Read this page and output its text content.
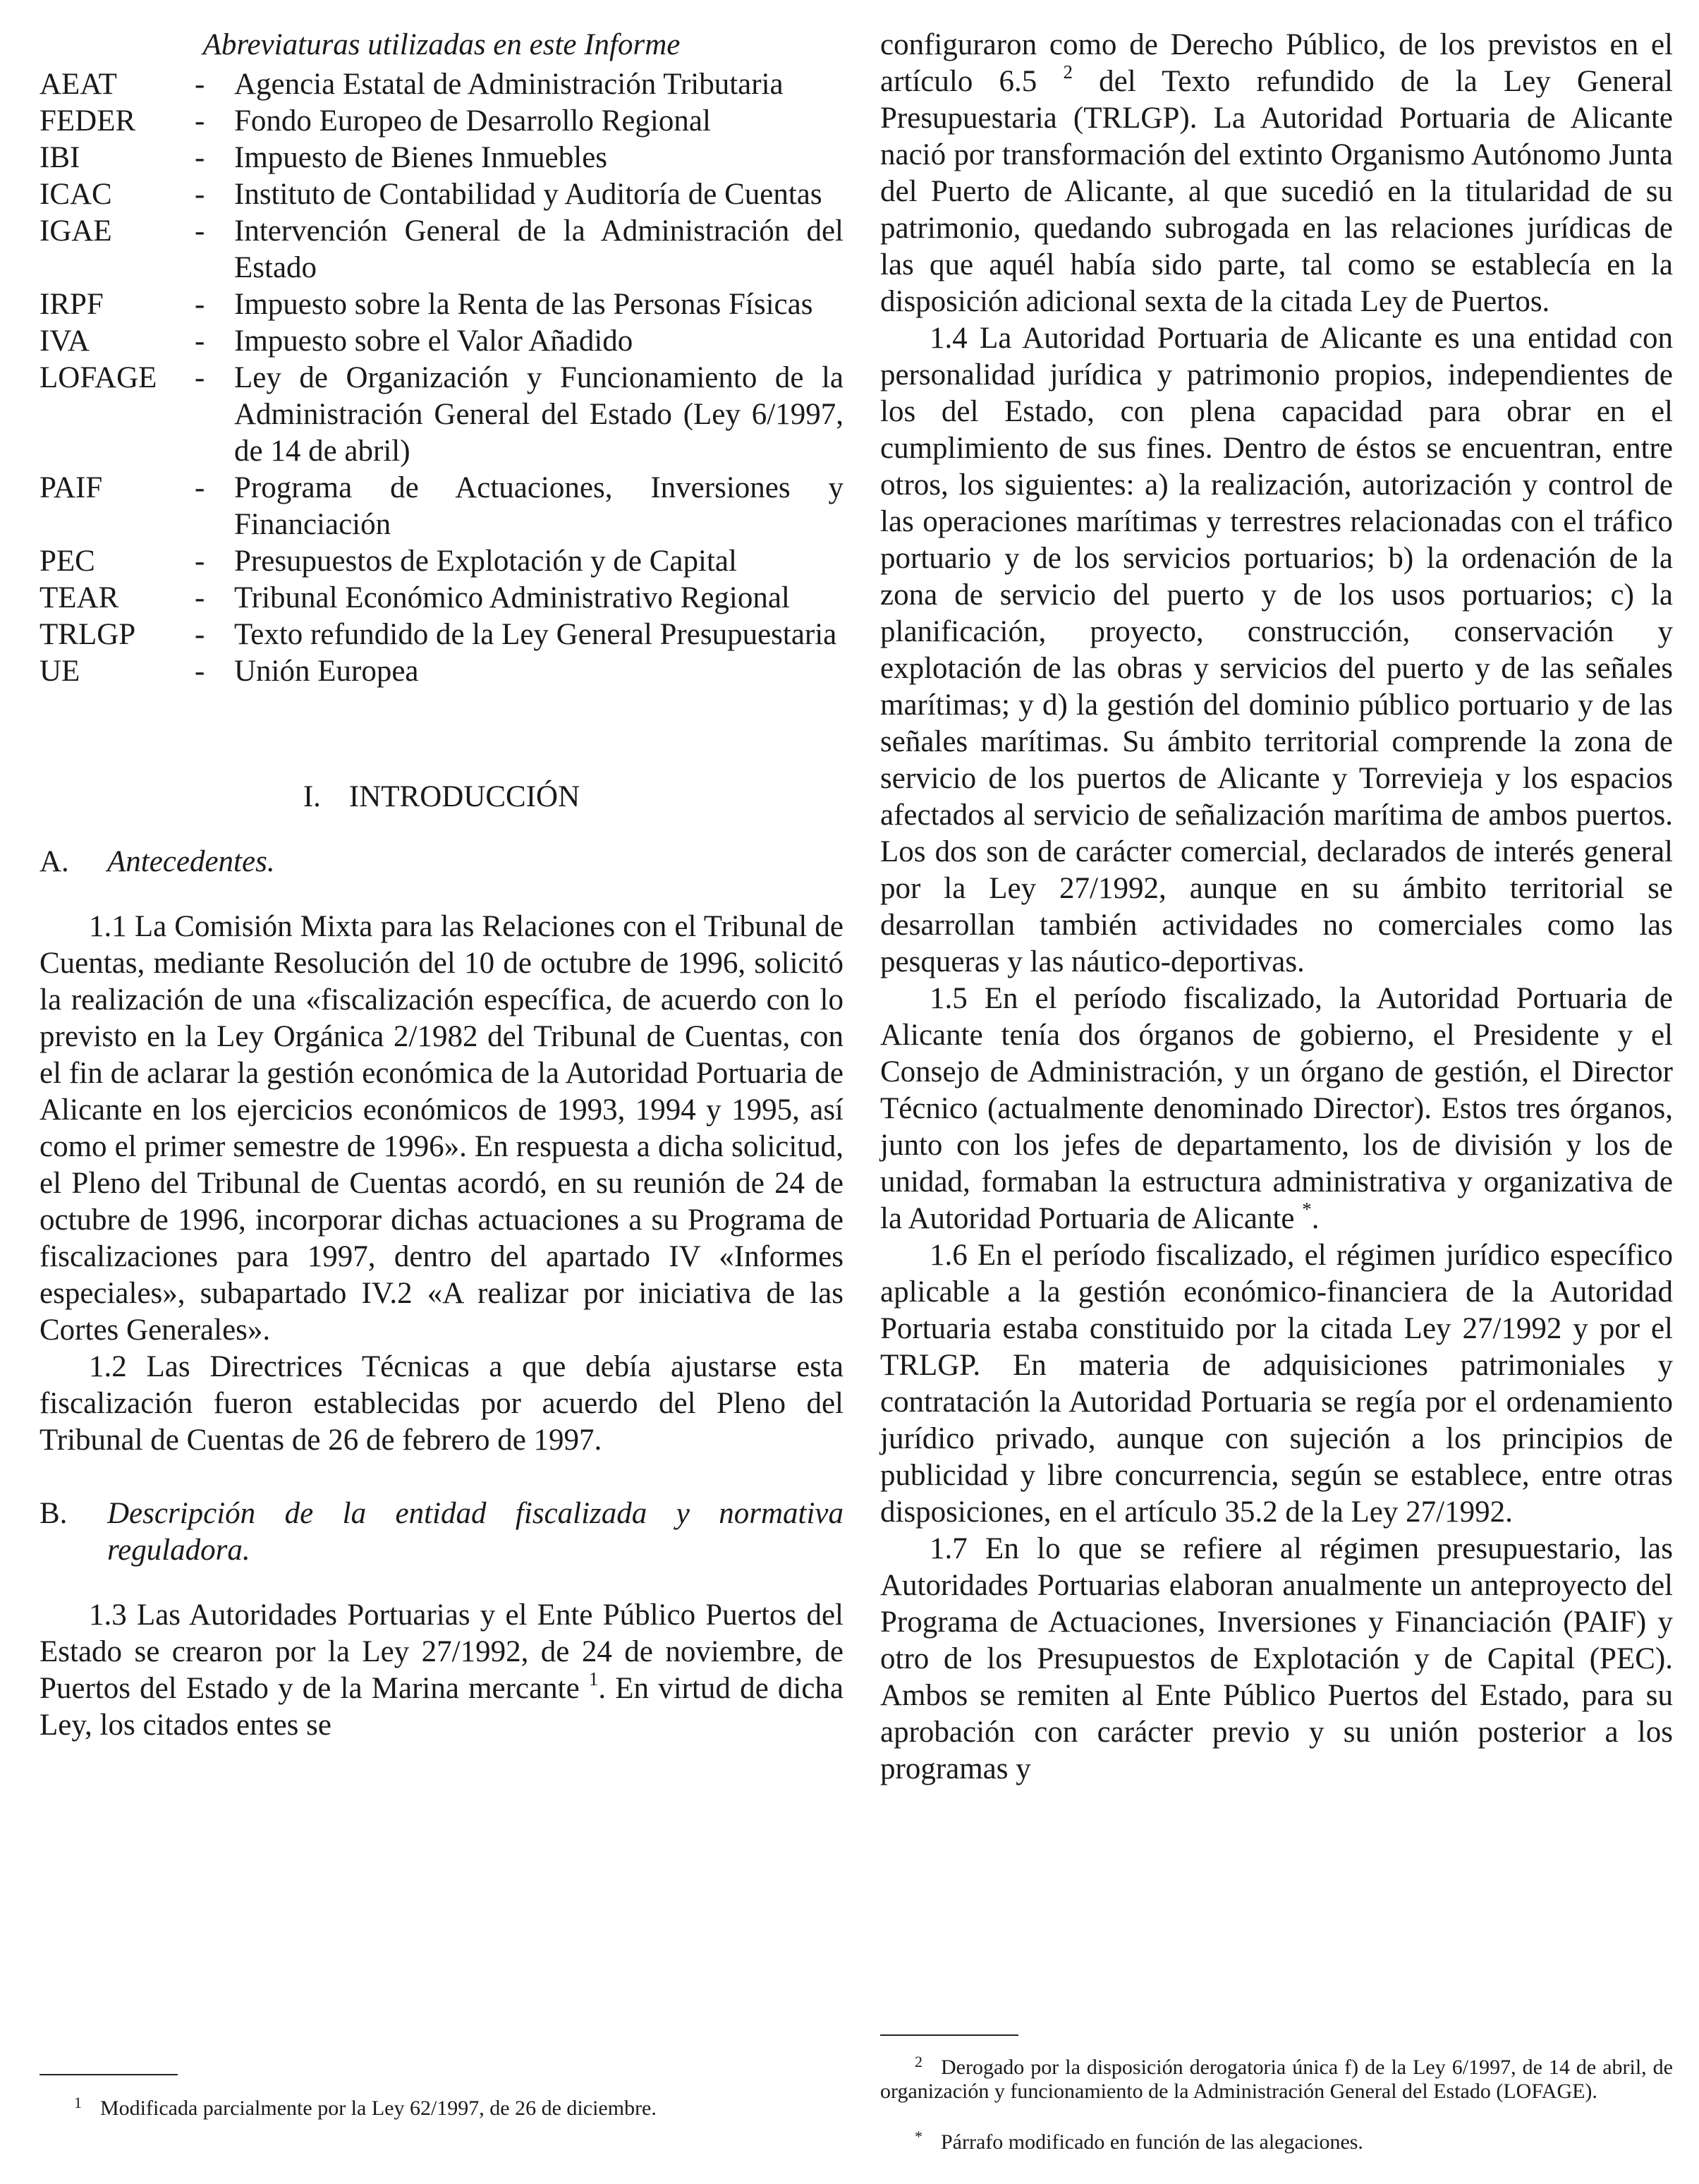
Abreviaturas utilizadas en este Informe
AEAT	- Agencia Estatal de Administración Tributaria
FEDER	- Fondo Europeo de Desarrollo Regional
IBI	- Impuesto de Bienes Inmuebles
ICAC	- Instituto de Contabilidad y Auditoría de Cuentas
IGAE	- Intervención General de la Administración del Estado
IRPF	- Impuesto sobre la Renta de las Personas Físicas
IVA	- Impuesto sobre el Valor Añadido
LOFAGE	- Ley de Organización y Funcionamiento de la Administración General del Estado (Ley 6/1997, de 14 de abril)
PAIF	- Programa de Actuaciones, Inversiones y Financiación
PEC	- Presupuestos de Explotación y de Capital
TEAR	- Tribunal Económico Administrativo Regional
TRLGP	- Texto refundido de la Ley General Presupuestaria
UE	- Unión Europea
I. INTRODUCCIÓN
A.	Antecedentes.

1.1 La Comisión Mixta para las Relaciones con el Tribunal de Cuentas, mediante Resolución del 10 de octubre de 1996, solicitó la realización de una «fiscalización específica, de acuerdo con lo previsto en la Ley Orgánica 2/1982 del Tribunal de Cuentas, con el fin de aclarar la gestión económica de la Autoridad Portuaria de Alicante en los ejercicios económicos de 1993, 1994 y 1995, así como el primer semestre de 1996». En respuesta a dicha solicitud, el Pleno del Tribunal de Cuentas acordó, en su reunión de 24 de octubre de 1996, incorporar dichas actuaciones a su Programa de fiscalizaciones para 1997, dentro del apartado IV «Informes especiales», subapartado IV.2 «A realizar por iniciativa de las Cortes Generales».

1.2 Las Directrices Técnicas a que debía ajustarse esta fiscalización fueron establecidas por acuerdo del Pleno del Tribunal de Cuentas de 26 de febrero de 1997.

B.	Descripción de la entidad fiscalizada y normativa reguladora.

1.3 Las Autoridades Portuarias y el Ente Público Puertos del Estado se crearon por la Ley 27/1992, de 24 de noviembre, de Puertos del Estado y de la Marina mercante $^1$. En virtud de dicha Ley, los citados entes se

1 Modificada parcialmente por la Ley 62/1997, de 26 de diciembre.

configuraron como de Derecho Público, de los previstos en el artículo 6.5 $^2$ del Texto refundido de la Ley General Presupuestaria (TRLGP). La Autoridad Portuaria de Alicante nació por transformación del extinto Organismo Autónomo Junta del Puerto de Alicante, al que sucedió en la titularidad de su patrimonio, quedando subrogada en las relaciones jurídicas de las que aquél había sido parte, tal como se establecía en la disposición adicional sexta de la citada Ley de Puertos.

1.4 La Autoridad Portuaria de Alicante es una entidad con personalidad jurídica y patrimonio propios, independientes de los del Estado, con plena capacidad para obrar en el cumplimiento de sus fines. Dentro de éstos se encuentran, entre otros, los siguientes: a) la realización, autorización y control de las operaciones marítimas y terrestres relacionadas con el tráfico portuario y de los servicios portuarios; b) la ordenación de la zona de servicio del puerto y de los usos portuarios; c) la planificación, proyecto, construcción, conservación y explotación de las obras y servicios del puerto y de las señales marítimas; y d) la gestión del dominio público portuario y de las señales marítimas. Su ámbito territorial comprende la zona de servicio de los puertos de Alicante y Torrevieja y los espacios afectados al servicio de señalización marítima de ambos puertos. Los dos son de carácter comercial, declarados de interés general por la Ley 27/1992, aunque en su ámbito territorial se desarrollan también actividades no comerciales como las pesqueras y las náutico-deportivas.

1.5 En el período fiscalizado, la Autoridad Portuaria de Alicante tenía dos órganos de gobierno, el Presidente y el Consejo de Administración, y un órgano de gestión, el Director Técnico (actualmente denominado Director). Estos tres órganos, junto con los jefes de departamento, los de división y los de unidad, formaban la estructura administrativa y organizativa de la Autoridad Portuaria de Alicante *.

1.6 En el período fiscalizado, el régimen jurídico específico aplicable a la gestión económico-financiera de la Autoridad Portuaria estaba constituido por la citada Ley 27/1992 y por el TRLGP. En materia de adquisiciones patrimoniales y contratación la Autoridad Portuaria se regía por el ordenamiento jurídico privado, aunque con sujeción a los principios de publicidad y libre concurrencia, según se establece, entre otras disposiciones, en el artículo 35.2 de la Ley 27/1992.

1.7 En lo que se refiere al régimen presupuestario, las Autoridades Portuarias elaboran anualmente un anteproyecto del Programa de Actuaciones, Inversiones y Financiación (PAIF) y otro de los Presupuestos de Explotación y de Capital (PEC). Ambos se remiten al Ente Público Puertos del Estado, para su aprobación con carácter previo y su unión posterior a los programas y

2 Derogado por la disposición derogatoria única f) de la Ley 6/1997, de 14 de abril, de organización y funcionamiento de la Administración General del Estado (LOFAGE).
* Párrafo modificado en función de las alegaciones.
